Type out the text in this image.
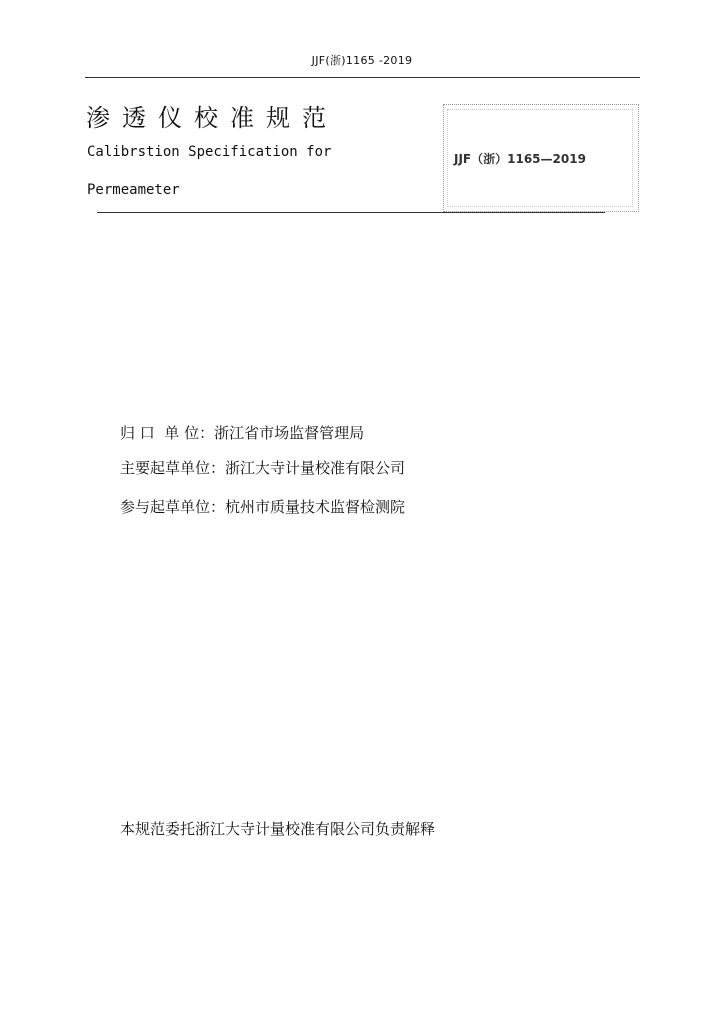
JJF(浙)1165 -2019
渗透仪校准规范
Calibrstion Specification for
Permeameter
JJF（浙）1165—2019
归 口  单 位：浙江省市场监督管理局
主要起草单位：浙江大寺计量校准有限公司
参与起草单位：杭州市质量技术监督检测院
本规范委托浙江大寺计量校准有限公司负责解释
